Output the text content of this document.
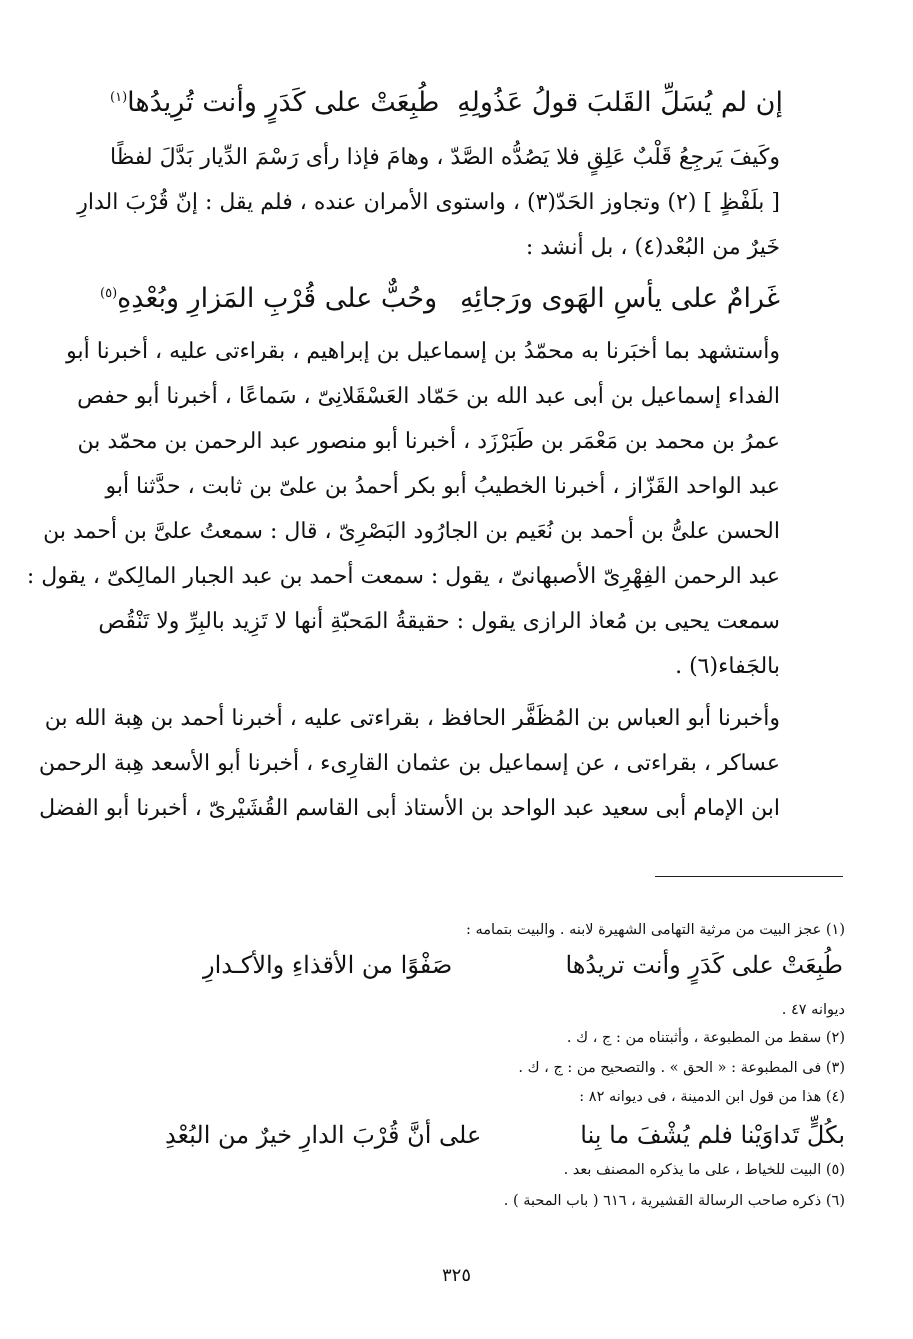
إن لم يُسَلِّ القَلبَ قولُ عَذُولِهِ
طُبِعَتْ على كَدَرٍ وأنت تُرِيدُها$^{(١)}$
وكَيفَ يَرجِعُ قَلْبٌ عَلِقٍ فلا يَصُدُّه الصَّدّ ، وهامَ فإذا رأى رَسْمَ الدِّيار بَدَّلَ لفظًا
[ بلَفْظٍ ] (٢) وتجاوز الحَدّ(٣) ، واستوى الأمران عنده ، فلم يقل : إنّ قُرْبَ الدارِ
خَيرٌ من البُعْد(٤) ، بل أنشد :
غَرامٌ على يأسِ الهَوى ورَجائِهِ
وحُبٌّ على قُرْبِ المَزارِ وبُعْدِهِ$^{(٥)}$
وأستشهد بما أخبَرنا به محمّدُ بن إسماعيل بن إبراهيم ، بقراءتى عليه ، أخبرنا أبو
الفداء إسماعيل بن أبى عبد الله بن حَمّاد العَسْقَلانِىّ ، سَماعًا ، أخبرنا أبو حفص
عمرُ بن محمد بن مَعْمَر بن طَبَرْزَد ، أخبرنا أبو منصور عبد الرحمن بن محمّد بن
عبد الواحد القَزّاز ، أخبرنا الخطيبُ أبو بكر أحمدُ بن علىّ بن ثابت ، حدَّثنا أبو
الحسن علىُّ بن أحمد بن نُعَيم بن الجارُود البَصْرِىّ ، قال : سمعتُ علىَّ بن أحمد بن
عبد الرحمن الفِهْرِىّ الأصبهانىّ ، يقول : سمعت أحمد بن عبد الجبار المالِكىّ ، يقول :
سمعت يحيى بن مُعاذ الرازى يقول : حقيقةُ المَحبّةِ أنها لا تَزِيد بالبِرِّ ولا تَنْقُص
بالجَفاء(٦) .
وأخبرنا أبو العباس بن المُظَفَّر الحافظ ، بقراءتى عليه ، أخبرنا أحمد بن هِبة الله بن
عساكر ، بقراءتى ، عن إسماعيل بن عثمان القارِىء ، أخبرنا أبو الأسعد هِبة الرحمن
ابن الإمام أبى سعيد عبد الواحد بن الأستاذ أبى القاسم القُشَيْرىّ ، أخبرنا أبو الفضل
(١) عجز البيت من مرثية التهامى الشهيرة لابنه . والبيت بتمامه :
طُبِعَتْ على كَدَرٍ وأنت تريدُها
صَفْوًا من الأقذاءِ والأكـدارِ
ديوانه ٤٧ .
(٢) سقط من المطبوعة ، وأثبتناه من : ج ، ك .
(٣) فى المطبوعة : « الحق » . والتصحيح من : ج ، ك .
(٤) هذا من قول ابن الدمينة ، فى ديوانه ٨٢ :
بكُلٍّ تَداوَيْنا فلم يُشْفَ ما بِنا
على أنَّ قُرْبَ الدارِ خيرٌ من البُعْدِ
(٥) البيت للخياط ، على ما يذكره المصنف بعد .
(٦) ذكره صاحب الرسالة القشيرية ، ٦١٦ ( باب المحبة ) .
٣٢٥
